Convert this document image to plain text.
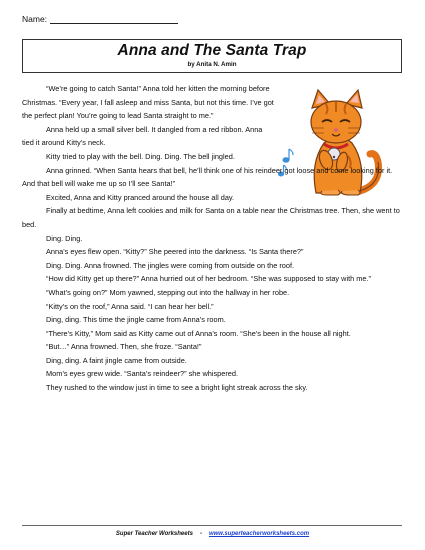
Name:
Anna and The Santa Trap
by Anita N. Amin

“We’re going to catch Santa!” Anna told her kitten the morning before Christmas. “Every year, I fall asleep and miss Santa, but not this time. I’ve got the perfect plan! You’re going to lead Santa straight to me.”

Anna held up a small silver bell. It dangled from a red ribbon. Anna tied it around Kitty’s neck.

Kitty tried to play with the bell. Ding. Ding. The bell jingled.

Anna grinned. “When Santa hears that bell, he’ll think one of his reindeer got loose and come looking for it. And that bell will wake me up so I’ll see Santa!”

Excited, Anna and Kitty pranced around the house all day.

Finally at bedtime, Anna left cookies and milk for Santa on a table near the Christmas tree. Then, she went to bed.

Ding. Ding.

Anna’s eyes flew open. “Kitty?” She peered into the darkness. “Is Santa there?”

Ding. Ding. Anna frowned. The jingles were coming from outside on the roof.

“How did Kitty get up there?” Anna hurried out of her bedroom. “She was supposed to stay with me.”

“What’s going on?” Mom yawned, stepping out into the hallway in her robe.

“Kitty’s on the roof,” Anna said. “I can hear her bell.”

Ding, ding. This time the jingle came from Anna’s room.

“There’s Kitty,” Mom said as Kitty came out of Anna’s room. “She’s been in the house all night.

“But…” Anna frowned. Then, she froze. “Santa!”

Ding, ding. A faint jingle came from outside.

Mom’s eyes grew wide. “Santa’s reindeer?” she whispered.

They rushed to the window just in time to see a bright light streak across the sky.

Super Teacher Worksheets - www.superteacherworksheets.com
